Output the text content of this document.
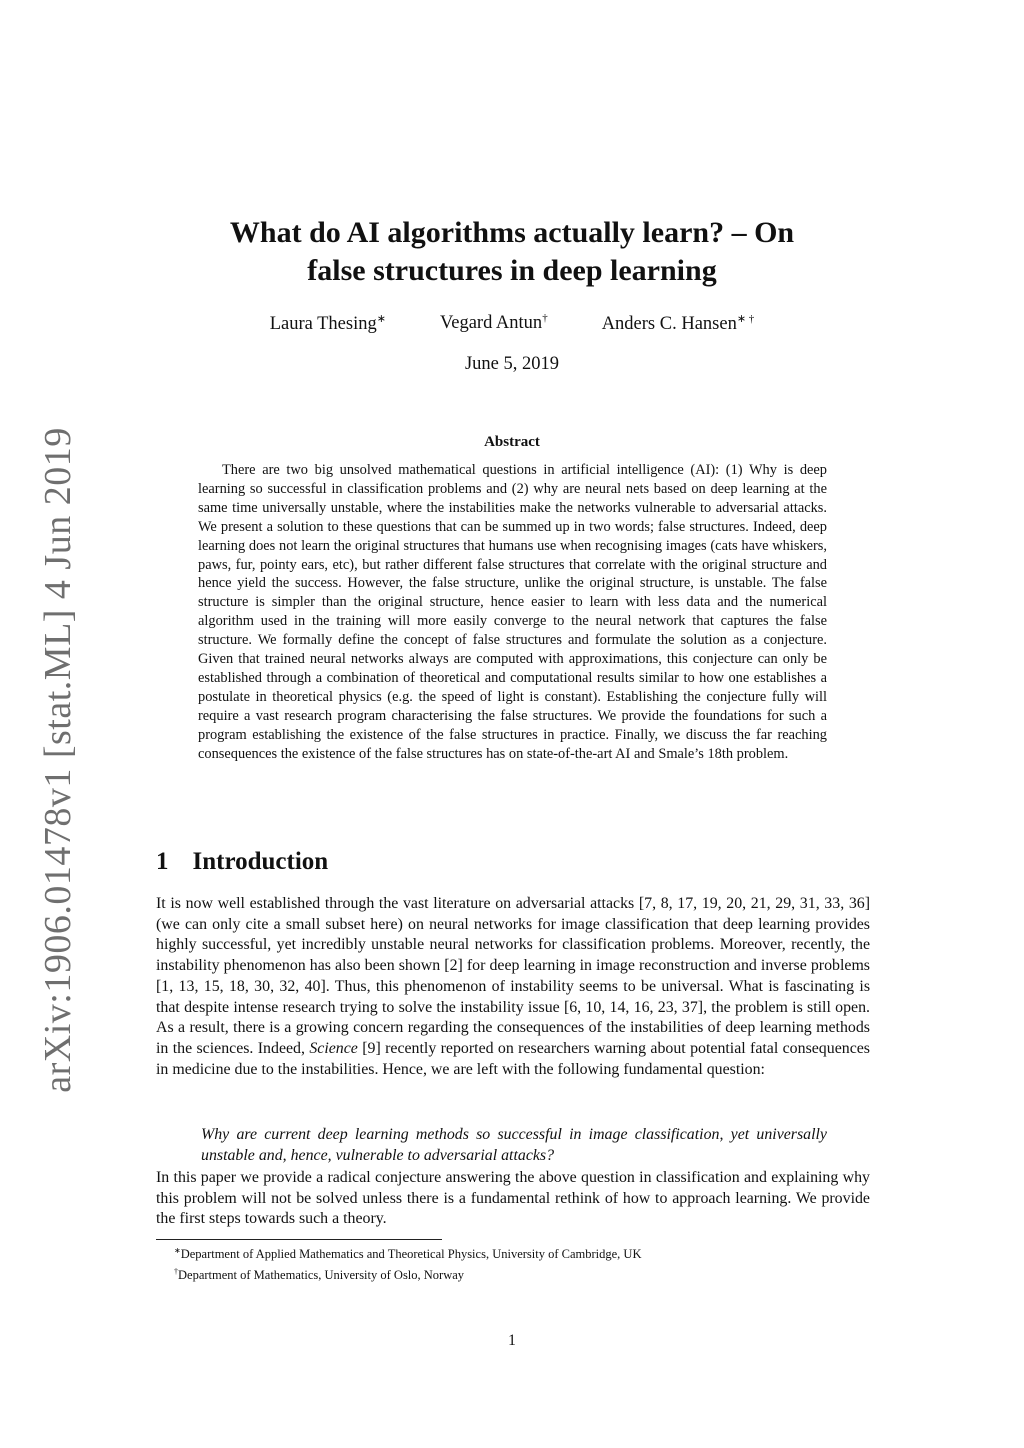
arXiv:1906.01478v1 [stat.ML] 4 Jun 2019
What do AI algorithms actually learn? – On
false structures in deep learning
Laura Thesing∗	Vegard Antun†	Anders C. Hansen∗ †
June 5, 2019
Abstract

There are two big unsolved mathematical questions in artificial intelligence (AI): (1) Why is deep learning so successful in classification problems and (2) why are neural nets based on deep learning at the same time universally unstable, where the instabilities make the networks vulnerable to adversarial attacks. We present a solution to these questions that can be summed up in two words; false structures. Indeed, deep learning does not learn the original structures that humans use when recognising images (cats have whiskers, paws, fur, pointy ears, etc), but rather different false structures that correlate with the original structure and hence yield the success. However, the false structure, unlike the original structure, is unstable. The false structure is simpler than the original structure, hence easier to learn with less data and the numerical algorithm used in the training will more easily converge to the neural network that captures the false structure. We formally define the concept of false structures and formulate the solution as a conjecture. Given that trained neural networks always are computed with approximations, this conjecture can only be established through a combination of theoretical and computational results similar to how one establishes a postulate in theoretical physics (e.g. the speed of light is constant). Establishing the conjecture fully will require a vast research program characterising the false structures. We provide the foundations for such a program establishing the existence of the false structures in practice. Finally, we discuss the far reaching consequences the existence of the false structures has on state-of-the-art AI and Smale’s 18th problem.

1 Introduction

It is now well established through the vast literature on adversarial attacks [7, 8, 17, 19, 20, 21, 29, 31, 33, 36] (we can only cite a small subset here) on neural networks for image classification that deep learning provides highly successful, yet incredibly unstable neural networks for classification problems. Moreover, recently, the instability phenomenon has also been shown [2] for deep learning in image reconstruction and inverse problems [1, 13, 15, 18, 30, 32, 40]. Thus, this phenomenon of instability seems to be universal. What is fascinating is that despite intense research trying to solve the instability issue [6, 10, 14, 16, 23, 37], the problem is still open. As a result, there is a growing concern regarding the consequences of the instabilities of deep learning methods in the sciences. Indeed, Science [9] recently reported on researchers warning about potential fatal consequences in medicine due to the instabilities. Hence, we are left with the following fundamental question:

Why are current deep learning methods so successful in image classification, yet universally unstable and, hence, vulnerable to adversarial attacks?

In this paper we provide a radical conjecture answering the above question in classification and explaining why this problem will not be solved unless there is a fundamental rethink of how to approach learning. We provide the first steps towards such a theory.

∗Department of Applied Mathematics and Theoretical Physics, University of Cambridge, UK
†Department of Mathematics, University of Oslo, Norway
1
